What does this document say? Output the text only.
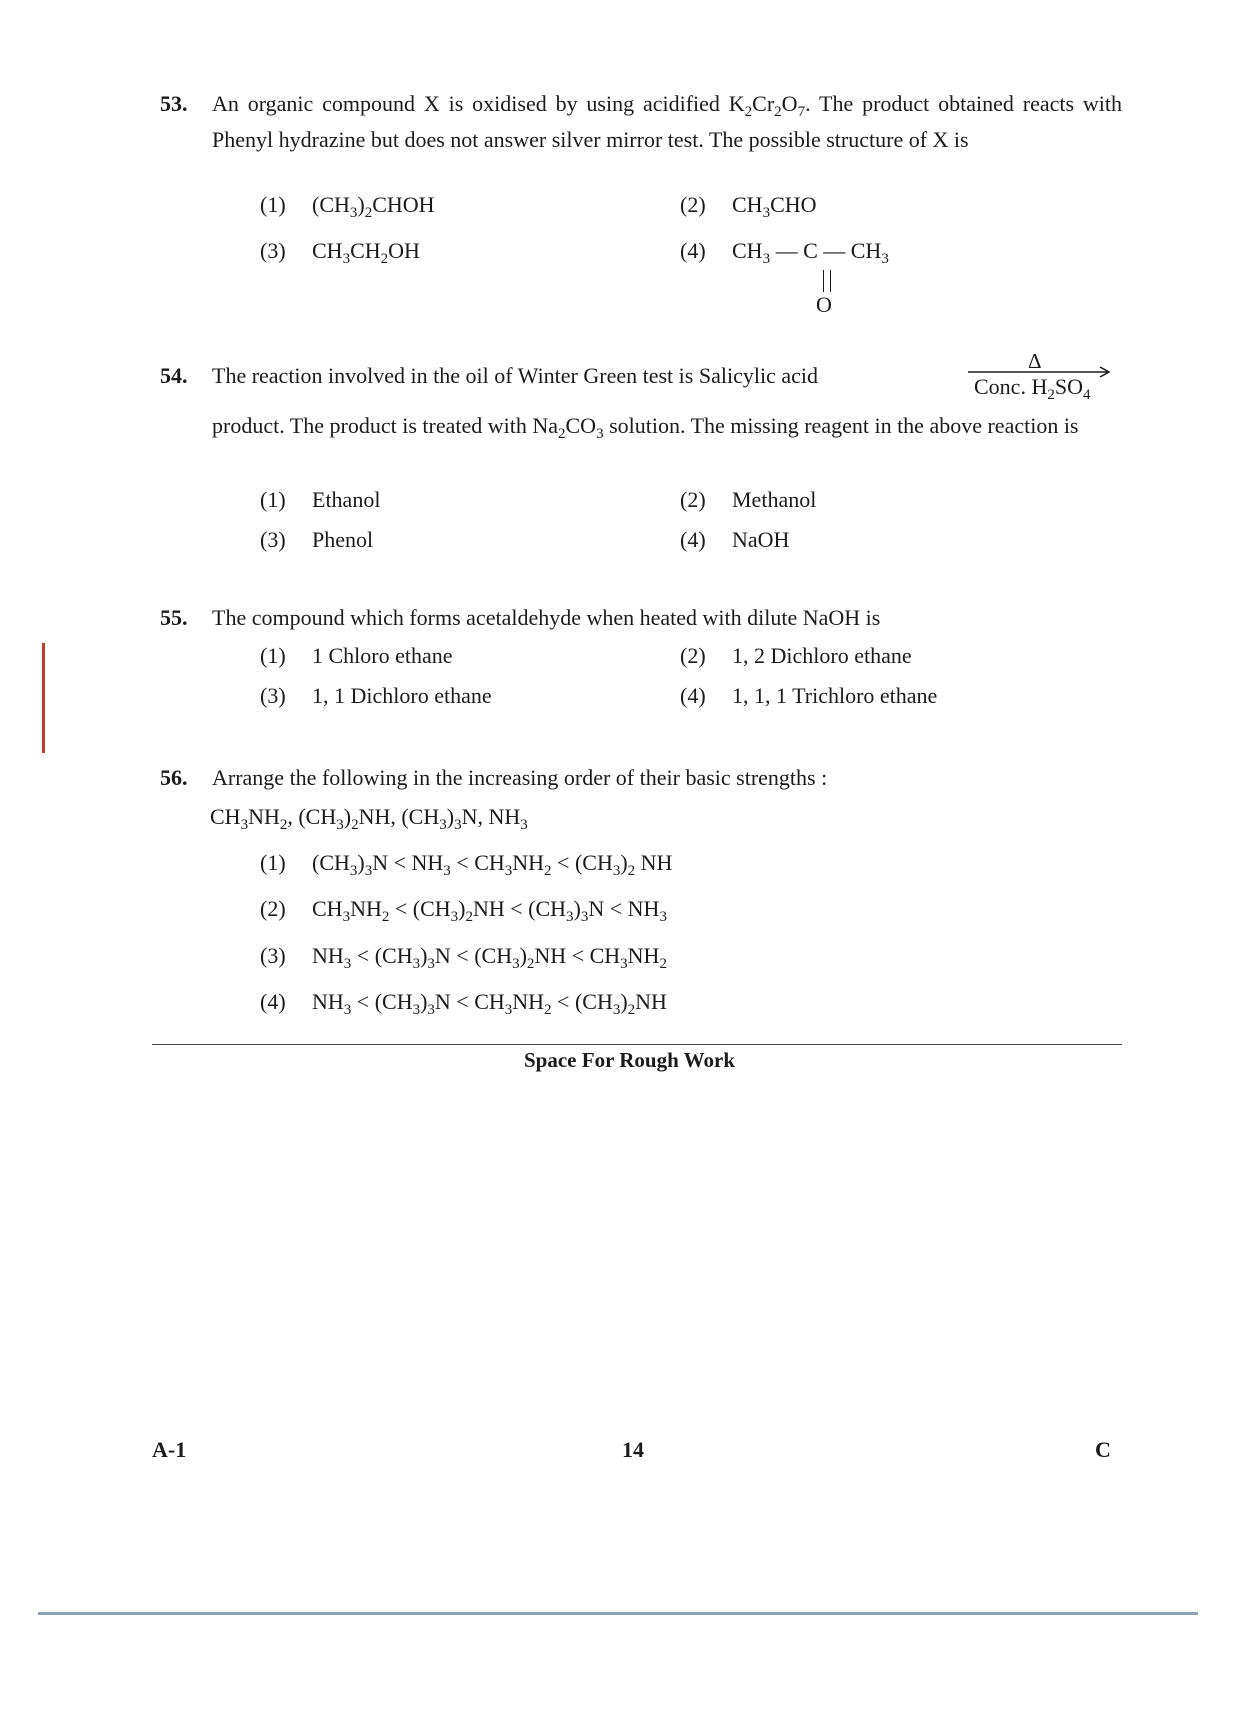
53. An organic compound X is oxidised by using acidified $K_2Cr_2O_7$. The product obtained reacts with Phenyl hydrazine but does not answer silver mirror test. The possible structure of X is
(1) $(CH_3)_2CHOH$	(2) $CH_3CHO$
(3) $CH_3CH_2OH$	(4) $CH_3$ — C — $CH_3$
O
54. The reaction involved in the oil of Winter Green test is Salicylic acid
Δ
Conc. $H_2SO_4$
product. The product is treated with $Na_2CO_3$ solution. The missing reagent in the above reaction is
(1) Ethanol	(2) Methanol
(3) Phenol	(4) NaOH
55. The compound which forms acetaldehyde when heated with dilute NaOH is
(1) 1 Chloro ethane	(2) 1, 2 Dichloro ethane
(3) 1, 1 Dichloro ethane	(4) 1, 1, 1 Trichloro ethane
56. Arrange the following in the increasing order of their basic strengths :
$CH_3NH_2$, $(CH_3)_2NH$, $(CH_3)_3N$, $NH_3$
(1) $(CH_3)_3N < NH_3 < CH_3NH_2 < (CH_3)_2$ NH
(2) $CH_3NH_2 < (CH_3)_2NH < (CH_3)_3N < NH_3$
(3) $NH_3 < (CH_3)_3N < (CH_3)_2NH < CH_3NH_2$
(4) $NH_3 < (CH_3)_3N < CH_3NH_2 < (CH_3)_2NH$
Space For Rough Work
A-1	14	C
